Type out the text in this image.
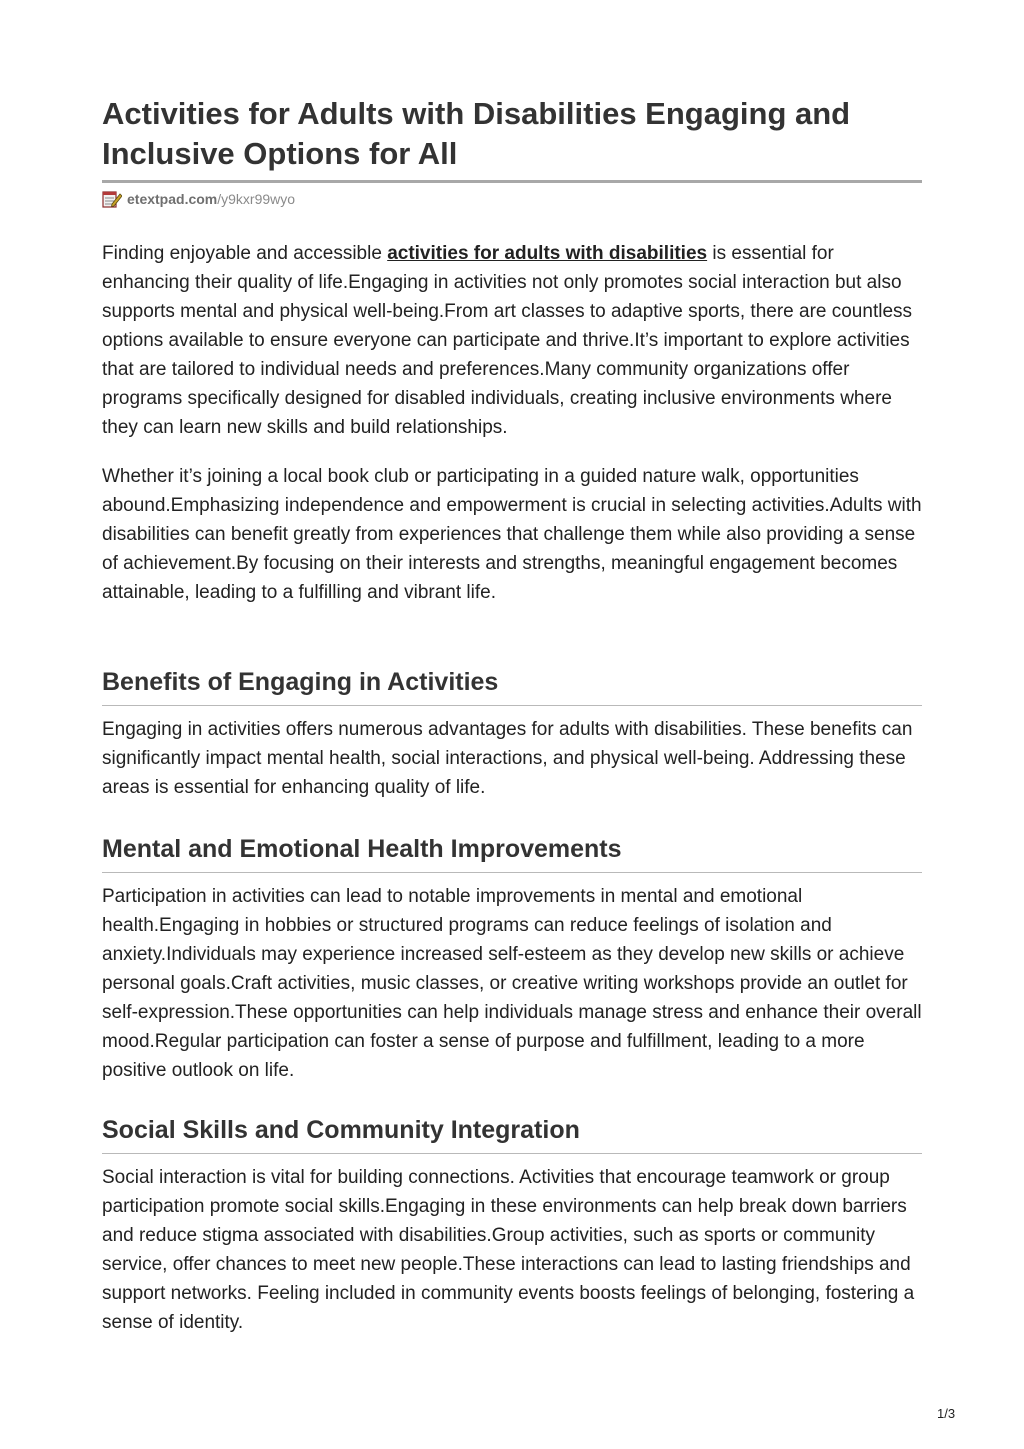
Activities for Adults with Disabilities Engaging and Inclusive Options for All
etextpad.com /y9kxr99wyo

Finding enjoyable and accessible activities for adults with disabilities is essential for enhancing their quality of life.Engaging in activities not only promotes social interaction but also supports mental and physical well-being.From art classes to adaptive sports, there are countless options available to ensure everyone can participate and thrive.It’s important to explore activities that are tailored to individual needs and preferences.Many community organizations offer programs specifically designed for disabled individuals, creating inclusive environments where they can learn new skills and build relationships.

Whether it’s joining a local book club or participating in a guided nature walk, opportunities abound.Emphasizing independence and empowerment is crucial in selecting activities.Adults with disabilities can benefit greatly from experiences that challenge them while also providing a sense of achievement.By focusing on their interests and strengths, meaningful engagement becomes attainable, leading to a fulfilling and vibrant life.

Benefits of Engaging in Activities

Engaging in activities offers numerous advantages for adults with disabilities. These benefits can significantly impact mental health, social interactions, and physical well-being. Addressing these areas is essential for enhancing quality of life.

Mental and Emotional Health Improvements

Participation in activities can lead to notable improvements in mental and emotional health.Engaging in hobbies or structured programs can reduce feelings of isolation and anxiety.Individuals may experience increased self-esteem as they develop new skills or achieve personal goals.Craft activities, music classes, or creative writing workshops provide an outlet for self-expression.These opportunities can help individuals manage stress and enhance their overall mood.Regular participation can foster a sense of purpose and fulfillment, leading to a more positive outlook on life.

Social Skills and Community Integration

Social interaction is vital for building connections. Activities that encourage teamwork or group participation promote social skills.Engaging in these environments can help break down barriers and reduce stigma associated with disabilities.Group activities, such as sports or community service, offer chances to meet new people.These interactions can lead to lasting friendships and support networks. Feeling included in community events boosts feelings of belonging, fostering a sense of identity.

1/3
